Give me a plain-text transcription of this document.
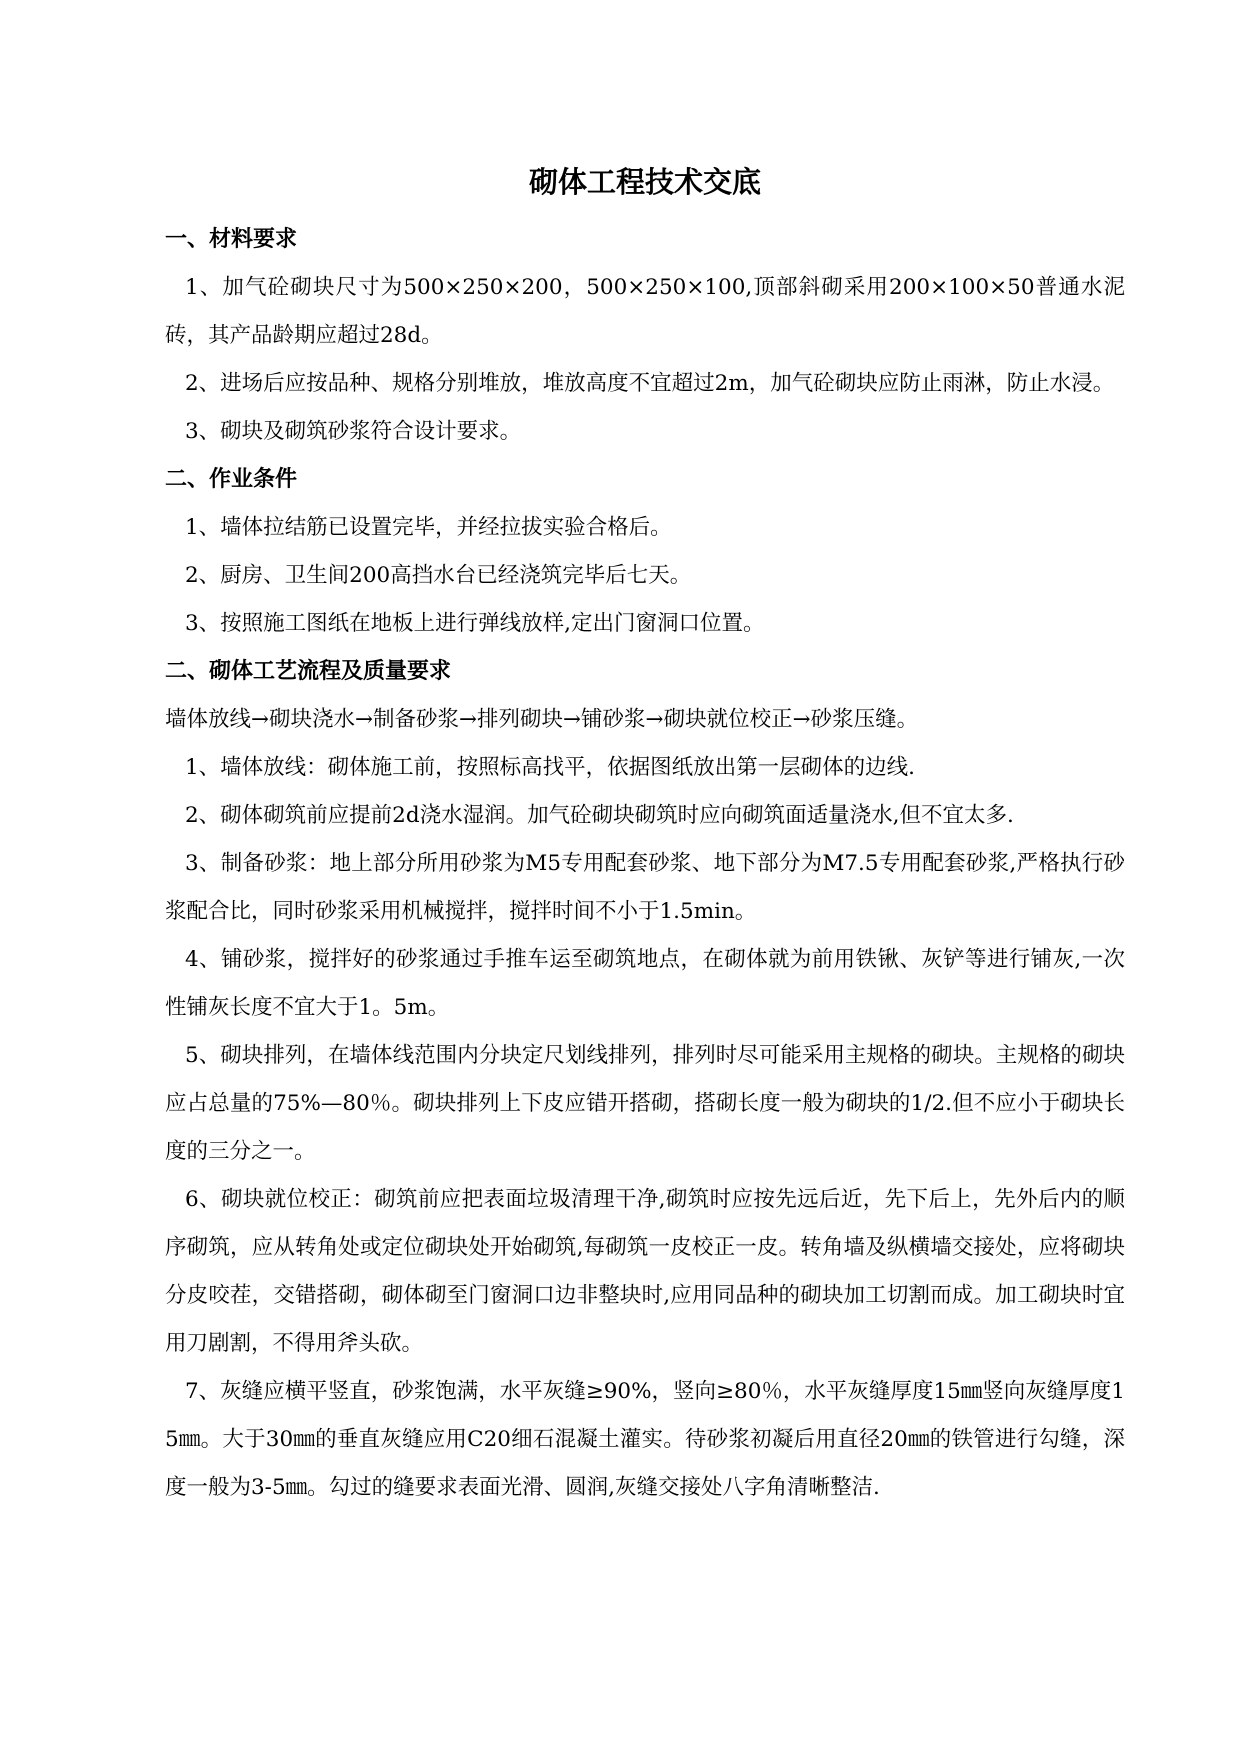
砌体工程技术交底
一、材料要求
1、加气砼砌块尺寸为500×250×200，500×250×100,顶部斜砌采用200×100×50普通水泥砖，其产品龄期应超过28d。
2、进场后应按品种、规格分别堆放，堆放高度不宜超过2m，加气砼砌块应防止雨淋，防止水浸。
3、砌块及砌筑砂浆符合设计要求。
二、作业条件
1、墙体拉结筋已设置完毕，并经拉拔实验合格后。
2、厨房、卫生间200高挡水台已经浇筑完毕后七天。
3、按照施工图纸在地板上进行弹线放样,定出门窗洞口位置。
二、砌体工艺流程及质量要求
墙体放线→砌块浇水→制备砂浆→排列砌块→铺砂浆→砌块就位校正→砂浆压缝。
1、墙体放线：砌体施工前，按照标高找平，依据图纸放出第一层砌体的边线.
2、砌体砌筑前应提前2d浇水湿润。加气砼砌块砌筑时应向砌筑面适量浇水,但不宜太多.
3、制备砂浆：地上部分所用砂浆为M5专用配套砂浆、地下部分为M7.5专用配套砂浆,严格执行砂浆配合比，同时砂浆采用机械搅拌，搅拌时间不小于1.5min。
4、铺砂浆，搅拌好的砂浆通过手推车运至砌筑地点，在砌体就为前用铁锹、灰铲等进行铺灰,一次性铺灰长度不宜大于1。5m。
5、砌块排列，在墙体线范围内分块定尺划线排列，排列时尽可能采用主规格的砌块。主规格的砌块应占总量的75%—80％。砌块排列上下皮应错开搭砌，搭砌长度一般为砌块的1/2.但不应小于砌块长度的三分之一。
6、砌块就位校正：砌筑前应把表面垃圾清理干净,砌筑时应按先远后近，先下后上，先外后内的顺序砌筑，应从转角处或定位砌块处开始砌筑,每砌筑一皮校正一皮。转角墙及纵横墙交接处，应将砌块分皮咬茬，交错搭砌，砌体砌至门窗洞口边非整块时,应用同品种的砌块加工切割而成。加工砌块时宜用刀剧割，不得用斧头砍。
7、灰缝应横平竖直，砂浆饱满，水平灰缝≥90%，竖向≥80％，水平灰缝厚度15㎜竖向灰缝厚度15㎜。大于30㎜的垂直灰缝应用C20细石混凝土灌实。待砂浆初凝后用直径20㎜的铁管进行勾缝，深度一般为3-5㎜。勾过的缝要求表面光滑、圆润,灰缝交接处八字角清晰整洁.
